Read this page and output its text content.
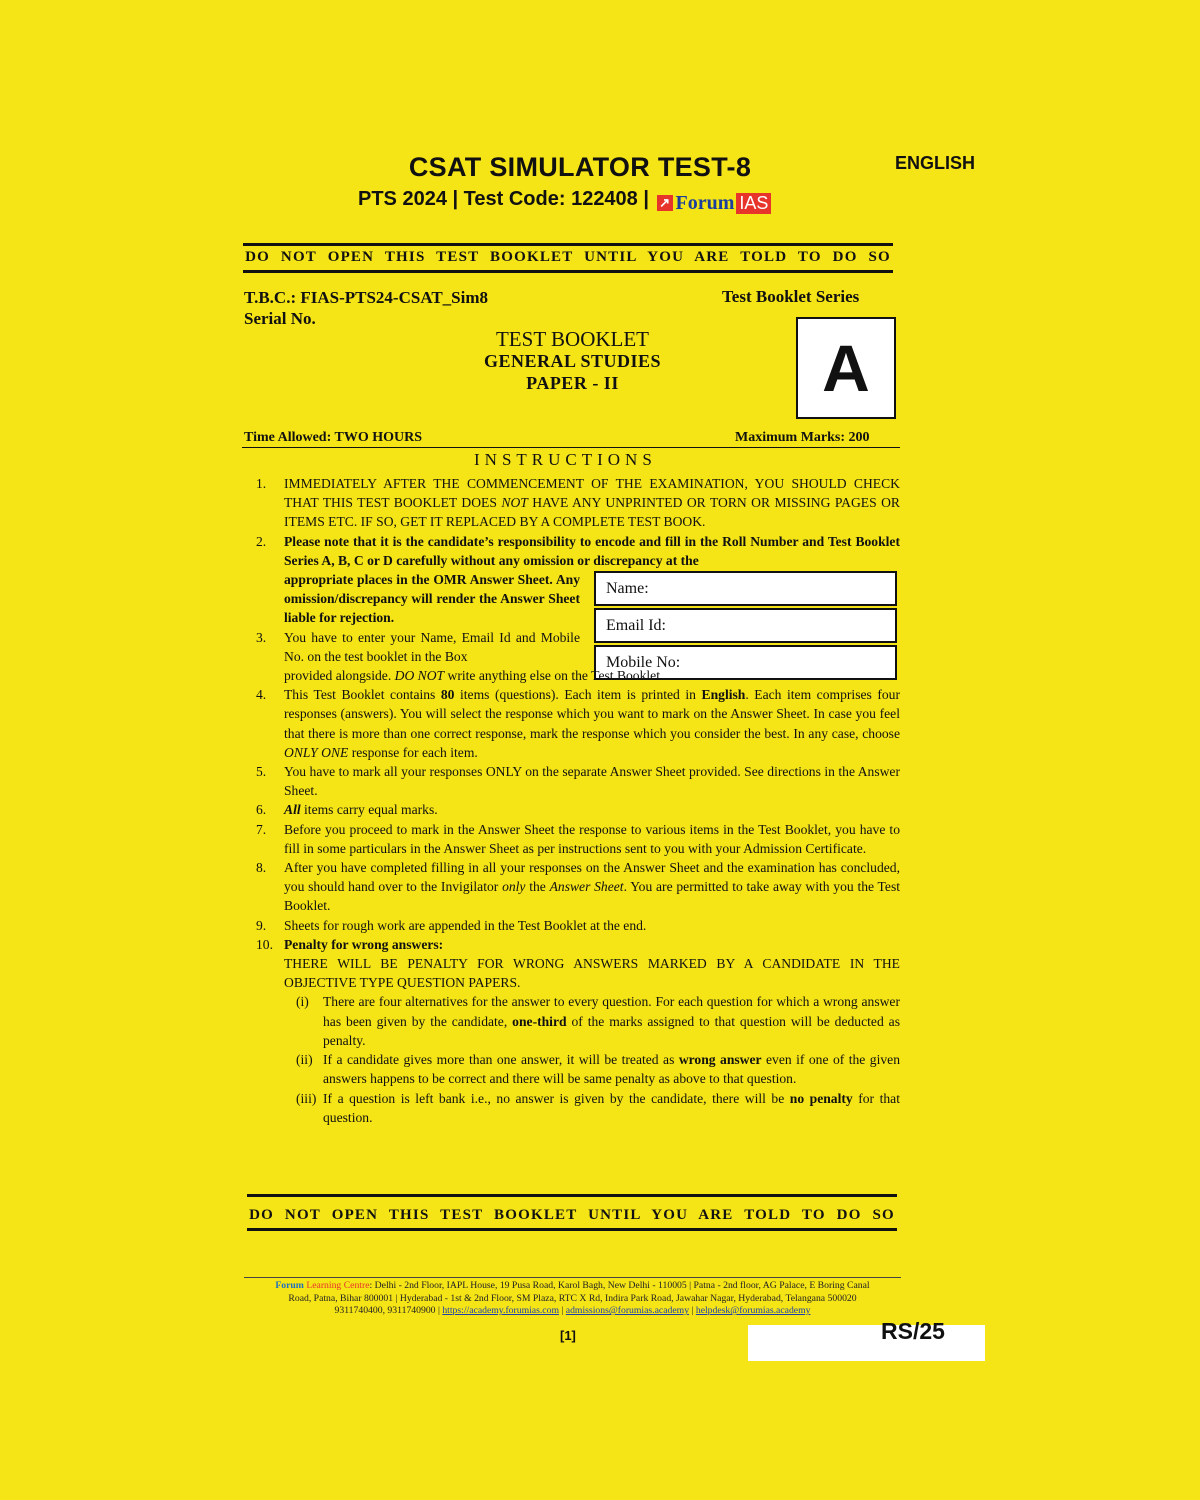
CSAT SIMULATOR TEST-8	ENGLISH
PTS 2024 | Test Code: 122408 | ↗ Forum IAS
DO NOT OPEN THIS TEST BOOKLET UNTIL YOU ARE TOLD TO DO SO
T.B.C.: FIAS-PTS24-CSAT_Sim8
Serial No.
Test Booklet Series
A
TEST BOOKLET
GENERAL STUDIES
PAPER - II
Time Allowed: TWO HOURS	Maximum Marks: 200
INSTRUCTIONS
Name:
Email Id:
Mobile No:
1. IMMEDIATELY AFTER THE COMMENCEMENT OF THE EXAMINATION, YOU SHOULD CHECK THAT THIS TEST BOOKLET DOES NOT HAVE ANY UNPRINTED OR TORN OR MISSING PAGES OR ITEMS ETC. IF SO, GET IT REPLACED BY A COMPLETE TEST BOOK.
2. Please note that it is the candidate’s responsibility to encode and fill in the Roll Number and Test Booklet Series A, B, C or D carefully without any omission or discrepancy at the
appropriate places in the OMR Answer Sheet. Any omission/discrepancy will render the Answer Sheet liable for rejection.
3. You have to enter your Name, Email Id and Mobile No. on the test booklet in the Box
provided alongside. DO NOT write anything else on the Test Booklet.
4. This Test Booklet contains 80 items (questions). Each item is printed in English. Each item comprises four responses (answers). You will select the response which you want to mark on the Answer Sheet. In case you feel that there is more than one correct response, mark the response which you consider the best. In any case, choose ONLY ONE response for each item.
5. You have to mark all your responses ONLY on the separate Answer Sheet provided. See directions in the Answer Sheet.
6. All items carry equal marks.
7. Before you proceed to mark in the Answer Sheet the response to various items in the Test Booklet, you have to fill in some particulars in the Answer Sheet as per instructions sent to you with your Admission Certificate.
8. After you have completed filling in all your responses on the Answer Sheet and the examination has concluded, you should hand over to the Invigilator only the Answer Sheet. You are permitted to take away with you the Test Booklet.
9. Sheets for rough work are appended in the Test Booklet at the end.
10. Penalty for wrong answers:
THERE WILL BE PENALTY FOR WRONG ANSWERS MARKED BY A CANDIDATE IN THE OBJECTIVE TYPE QUESTION PAPERS.
(i) There are four alternatives for the answer to every question. For each question for which a wrong answer has been given by the candidate, one-third of the marks assigned to that question will be deducted as penalty.
(ii) If a candidate gives more than one answer, it will be treated as wrong answer even if one of the given answers happens to be correct and there will be same penalty as above to that question.
(iii) If a question is left bank i.e., no answer is given by the candidate, there will be no penalty for that question.
DO NOT OPEN THIS TEST BOOKLET UNTIL YOU ARE TOLD TO DO SO
Forum Learning Centre: Delhi - 2nd Floor, IAPL House, 19 Pusa Road, Karol Bagh, New Delhi - 110005 | Patna - 2nd floor, AG Palace, E Boring Canal
Road, Patna, Bihar 800001 | Hyderabad - 1st & 2nd Floor, SM Plaza, RTC X Rd, Indira Park Road, Jawahar Nagar, Hyderabad, Telangana 500020
9311740400, 9311740900 | https://academy.forumias.com | admissions@forumias.academy | helpdesk@forumias.academy
[1]	RS/25
